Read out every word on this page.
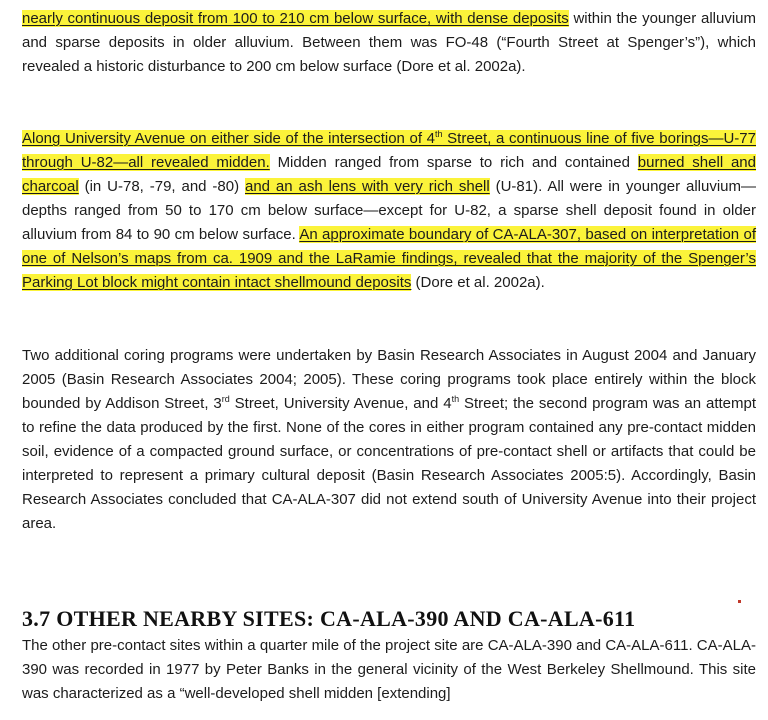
nearly continuous deposit from 100 to 210 cm below surface, with dense deposits within the younger alluvium and sparse deposits in older alluvium. Between them was FO-48 (“Fourth Street at Spenger’s”), which revealed a historic disturbance to 200 cm below surface (Dore et al. 2002a).

Along University Avenue on either side of the intersection of 4th Street, a continuous line of five borings—U-77 through U-82—all revealed midden. Midden ranged from sparse to rich and contained burned shell and charcoal (in U-78, -79, and -80) and an ash lens with very rich shell (U-81). All were in younger alluvium—depths ranged from 50 to 170 cm below surface—except for U-82, a sparse shell deposit found in older alluvium from 84 to 90 cm below surface. An approximate boundary of CA-ALA-307, based on interpretation of one of Nelson’s maps from ca. 1909 and the LaRamie findings, revealed that the majority of the Spenger’s Parking Lot block might contain intact shellmound deposits (Dore et al. 2002a).

Two additional coring programs were undertaken by Basin Research Associates in August 2004 and January 2005 (Basin Research Associates 2004; 2005). These coring programs took place entirely within the block bounded by Addison Street, 3rd Street, University Avenue, and 4th Street; the second program was an attempt to refine the data produced by the first. None of the cores in either program contained any pre-contact midden soil, evidence of a compacted ground surface, or concentrations of pre-contact shell or artifacts that could be interpreted to represent a primary cultural deposit (Basin Research Associates 2005:5). Accordingly, Basin Research Associates concluded that CA-ALA-307 did not extend south of University Avenue into their project area.

3.7 OTHER NEARBY SITES: CA-ALA-390 AND CA-ALA-611

The other pre-contact sites within a quarter mile of the project site are CA-ALA-390 and CA-ALA-611. CA-ALA-390 was recorded in 1977 by Peter Banks in the general vicinity of the West Berkeley Shellmound. This site was characterized as a “well-developed shell midden [extending]
